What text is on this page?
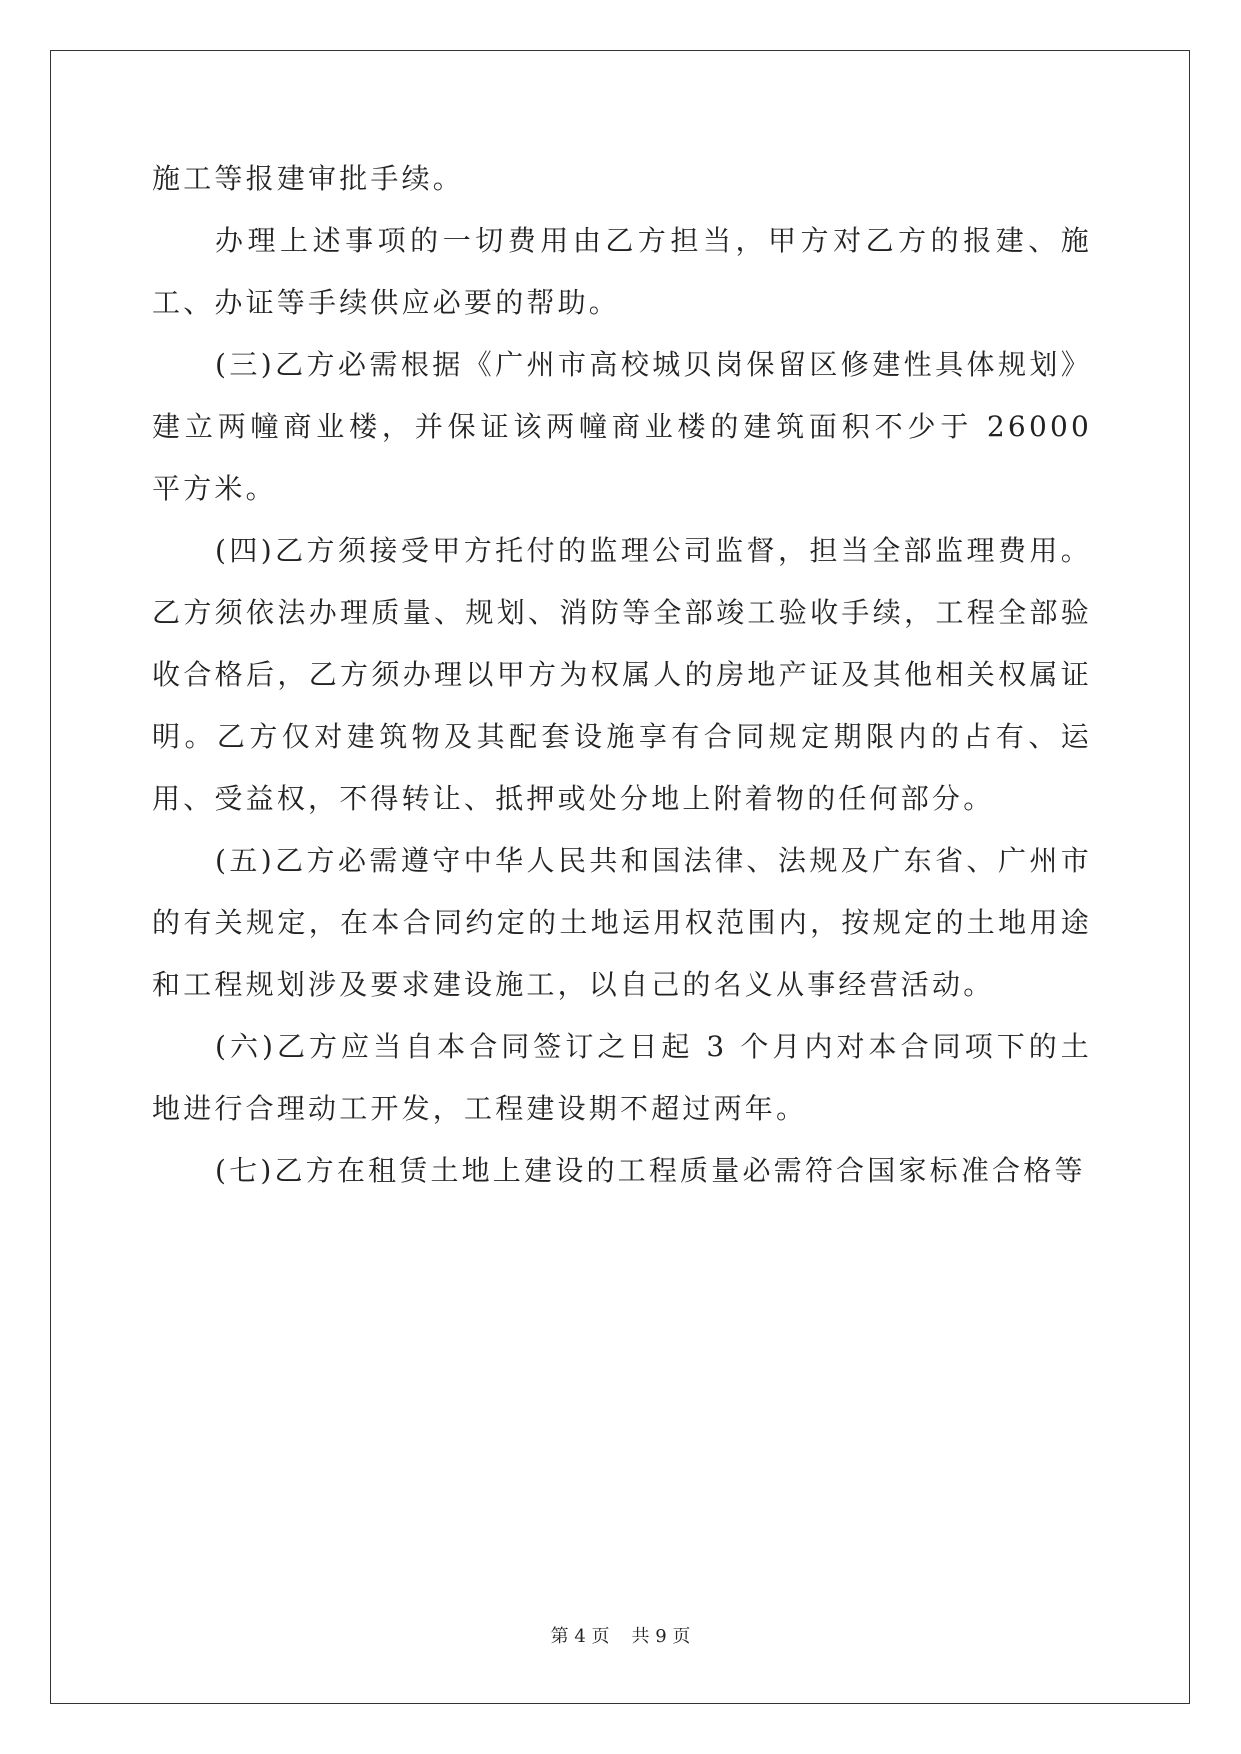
施工等报建审批手续。

办理上述事项的一切费用由乙方担当，甲方对乙方的报建、施工、办证等手续供应必要的帮助。

(三)乙方必需根据《广州市高校城贝岗保留区修建性具体规划》建立两幢商业楼，并保证该两幢商业楼的建筑面积不少于 26000 平方米。

(四)乙方须接受甲方托付的监理公司监督，担当全部监理费用。乙方须依法办理质量、规划、消防等全部竣工验收手续，工程全部验收合格后，乙方须办理以甲方为权属人的房地产证及其他相关权属证明。乙方仅对建筑物及其配套设施享有合同规定期限内的占有、运用、受益权，不得转让、抵押或处分地上附着物的任何部分。

(五)乙方必需遵守中华人民共和国法律、法规及广东省、广州市的有关规定，在本合同约定的土地运用权范围内，按规定的土地用途和工程规划涉及要求建设施工，以自己的名义从事经营活动。

(六)乙方应当自本合同签订之日起 3 个月内对本合同项下的土地进行合理动工开发，工程建设期不超过两年。

(七)乙方在租赁土地上建设的工程质量必需符合国家标准合格等

第 4 页 共 9 页
